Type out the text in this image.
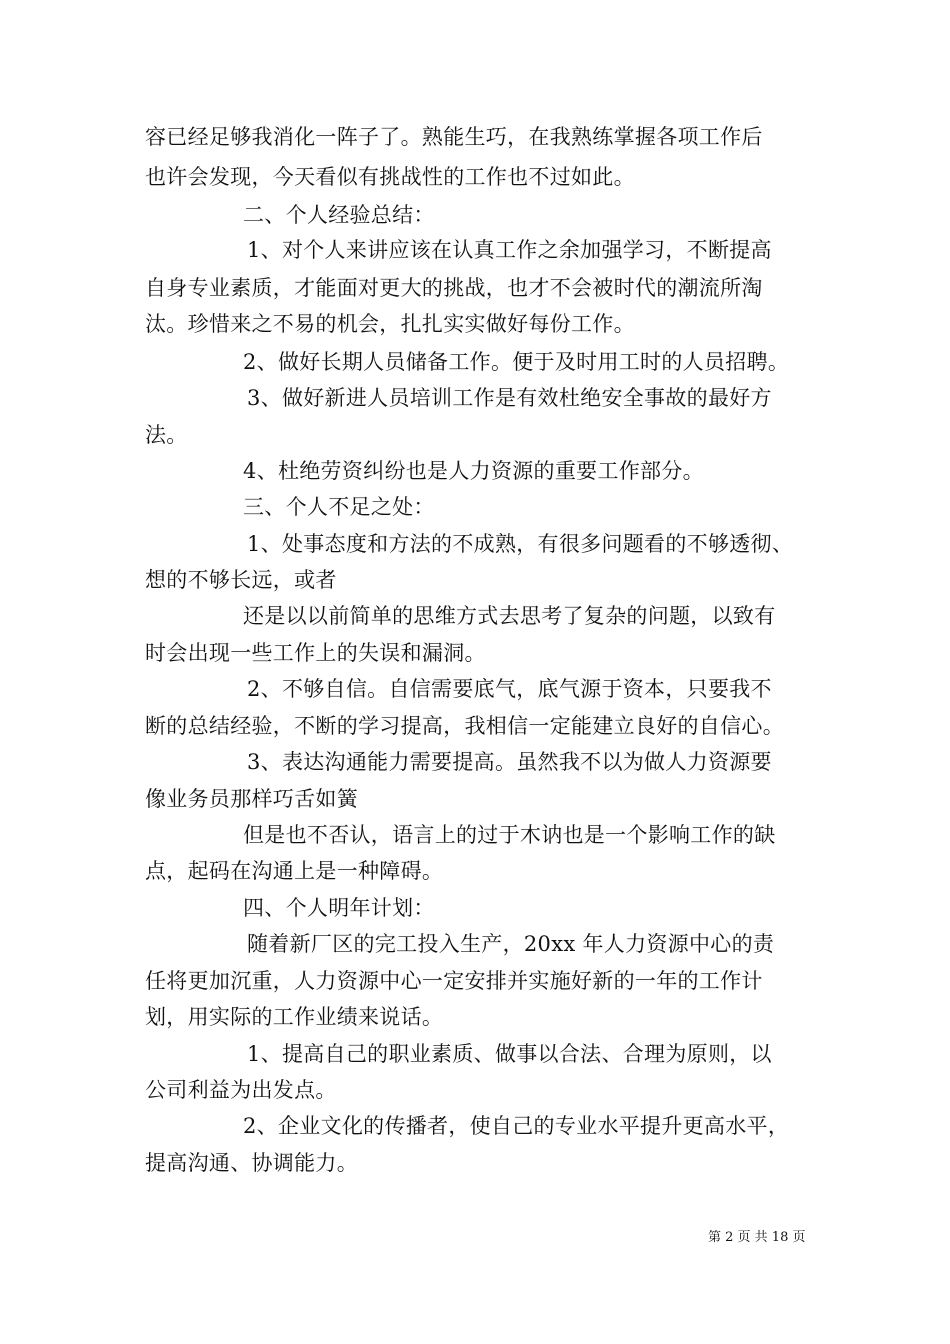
容已经足够我消化一阵子了。熟能生巧，在我熟练掌握各项工作后
也许会发现，今天看似有挑战性的工作也不过如此。
二、个人经验总结：
1、对个人来讲应该在认真工作之余加强学习，不断提高
自身专业素质，才能面对更大的挑战，也才不会被时代的潮流所淘
汰。珍惜来之不易的机会，扎扎实实做好每份工作。
2、做好长期人员储备工作。便于及时用工时的人员招聘。
3、做好新进人员培训工作是有效杜绝安全事故的最好方
法。
4、杜绝劳资纠纷也是人力资源的重要工作部分。
三、个人不足之处：
1、处事态度和方法的不成熟，有很多问题看的不够透彻、
想的不够长远，或者
还是以以前简单的思维方式去思考了复杂的问题，以致有
时会出现一些工作上的失误和漏洞。
2、不够自信。自信需要底气，底气源于资本，只要我不
断的总结经验，不断的学习提高，我相信一定能建立良好的自信心。
3、表达沟通能力需要提高。虽然我不以为做人力资源要
像业务员那样巧舌如簧
但是也不否认，语言上的过于木讷也是一个影响工作的缺
点，起码在沟通上是一种障碍。
四、个人明年计划：
随着新厂区的完工投入生产，20xx 年人力资源中心的责
任将更加沉重，人力资源中心一定安排并实施好新的一年的工作计
划，用实际的工作业绩来说话。
1、提高自己的职业素质、做事以合法、合理为原则，以
公司利益为出发点。
2、企业文化的传播者，使自己的专业水平提升更高水平，
提高沟通、协调能力。
第 2 页 共 18 页
